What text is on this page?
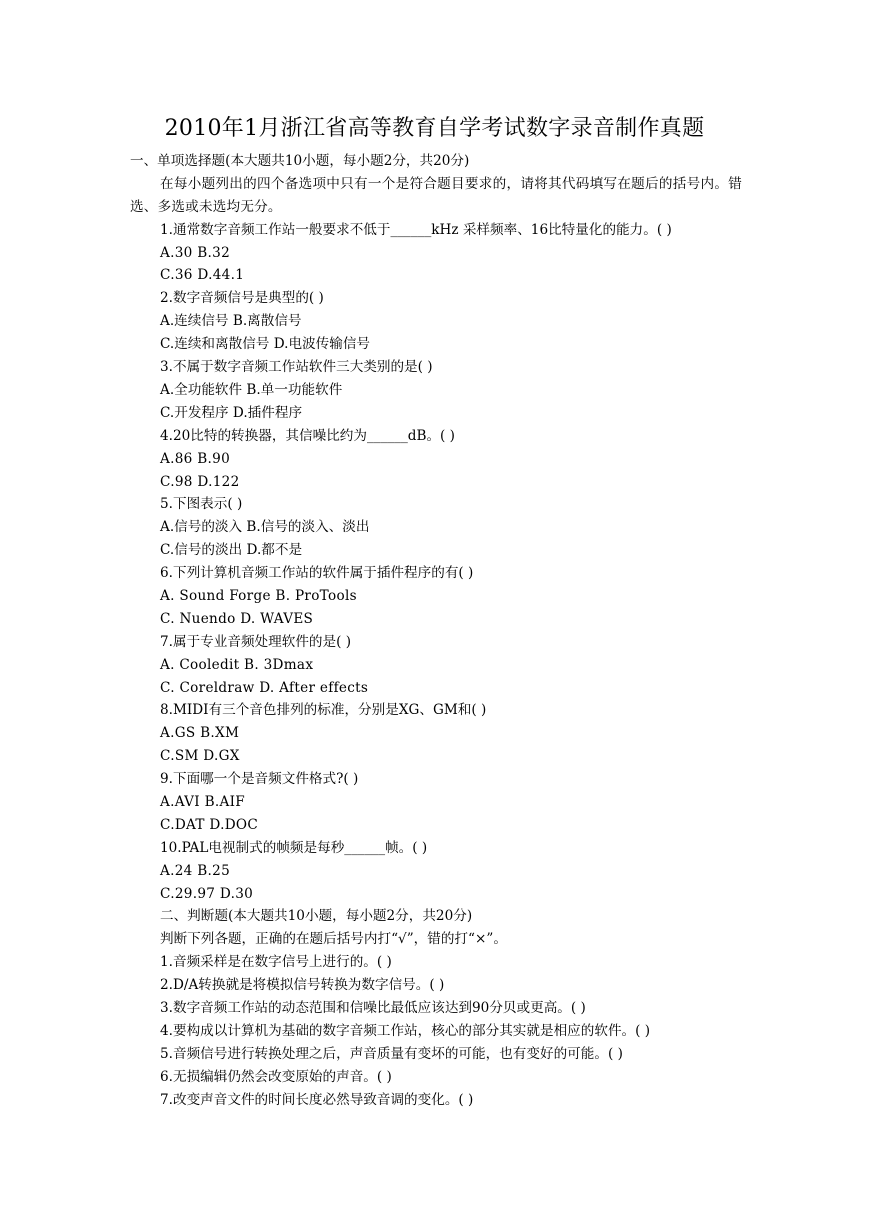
2010年1月浙江省高等教育自学考试数字录音制作真题
一、单项选择题(本大题共10小题，每小题2分，共20分)
在每小题列出的四个备选项中只有一个是符合题目要求的，请将其代码填写在题后的括号内。错选、多选或未选均无分。
1.通常数字音频工作站一般要求不低于______kHz 采样频率、16比特量化的能力。( )
A.30 B.32
C.36 D.44.1
2.数字音频信号是典型的( )
A.连续信号 B.离散信号
C.连续和离散信号 D.电波传输信号
3.不属于数字音频工作站软件三大类别的是( )
A.全功能软件 B.单一功能软件
C.开发程序 D.插件程序
4.20比特的转换器，其信噪比约为______dB。( )
A.86 B.90
C.98 D.122
5.下图表示( )
A.信号的淡入 B.信号的淡入、淡出
C.信号的淡出 D.都不是
6.下列计算机音频工作站的软件属于插件程序的有( )
A. Sound Forge B. ProTools
C. Nuendo D. WAVES
7.属于专业音频处理软件的是( )
A. Cooledit B. 3Dmax
C. Coreldraw D. After effects
8.MIDI有三个音色排列的标准，分别是XG、GM和( )
A.GS B.XM
C.SM D.GX
9.下面哪一个是音频文件格式?( )
A.AVI B.AIF
C.DAT D.DOC
10.PAL电视制式的帧频是每秒______帧。( )
A.24 B.25
C.29.97 D.30
二、判断题(本大题共10小题，每小题2分，共20分)
判断下列各题，正确的在题后括号内打“√”，错的打“×”。
1.音频采样是在数字信号上进行的。( )
2.D/A转换就是将模拟信号转换为数字信号。( )
3.数字音频工作站的动态范围和信噪比最低应该达到90分贝或更高。( )
4.要构成以计算机为基础的数字音频工作站，核心的部分其实就是相应的软件。( )
5.音频信号进行转换处理之后，声音质量有变坏的可能，也有变好的可能。( )
6.无损编辑仍然会改变原始的声音。( )
7.改变声音文件的时间长度必然导致音调的变化。( )
